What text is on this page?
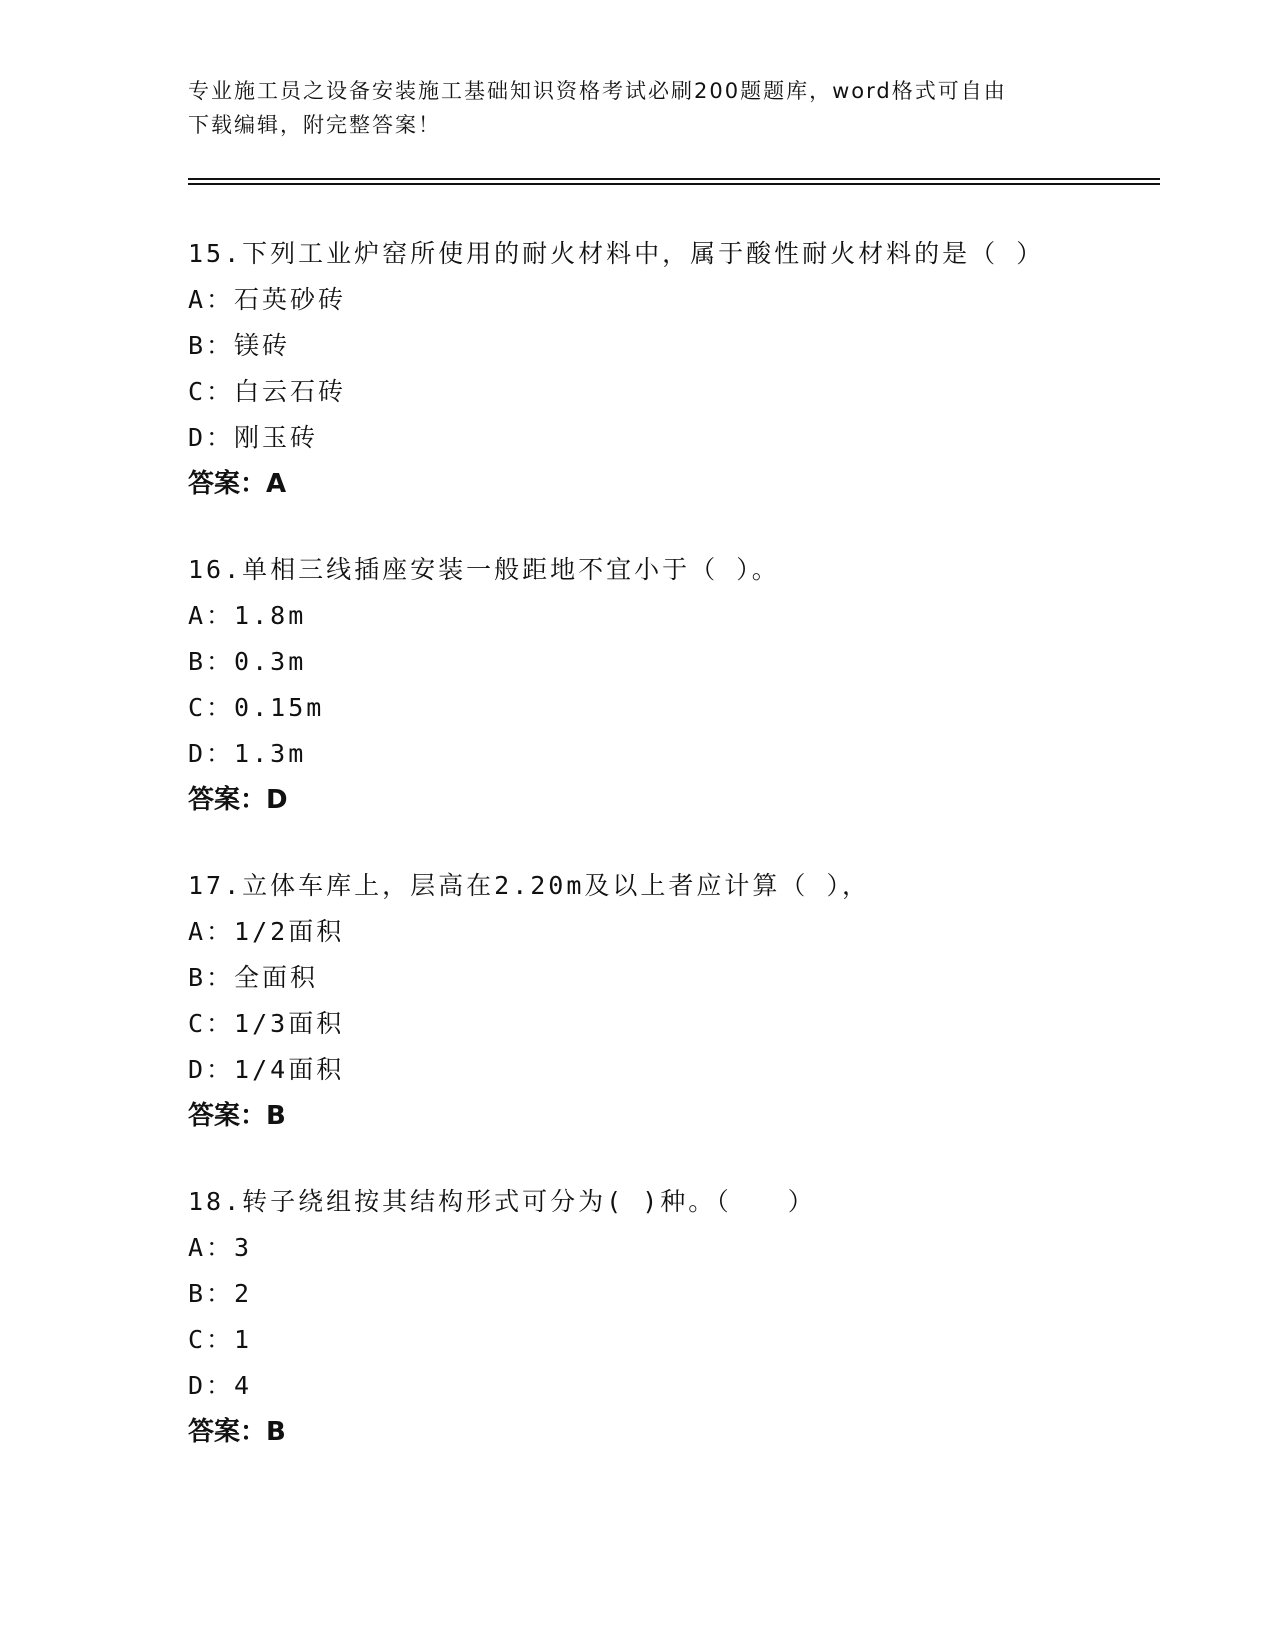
专业施工员之设备安装施工基础知识资格考试必刷200题题库，word格式可自由
下载编辑，附完整答案！
15.下列工业炉窑所使用的耐火材料中，属于酸性耐火材料的是（ ）
A：石英砂砖
B：镁砖
C：白云石砖
D：刚玉砖
答案：A
16.单相三线插座安装一般距地不宜小于（ ）。
A：1.8m
B：0.3m
C：0.15m
D：1.3m
答案：D
17.立体车库上，层高在2.20m及以上者应计算（ ），
A：1/2面积
B：全面积
C：1/3面积
D：1/4面积
答案：B
18.转子绕组按其结构形式可分为( )种。（　　）
A：3
B：2
C：1
D：4
答案：B
